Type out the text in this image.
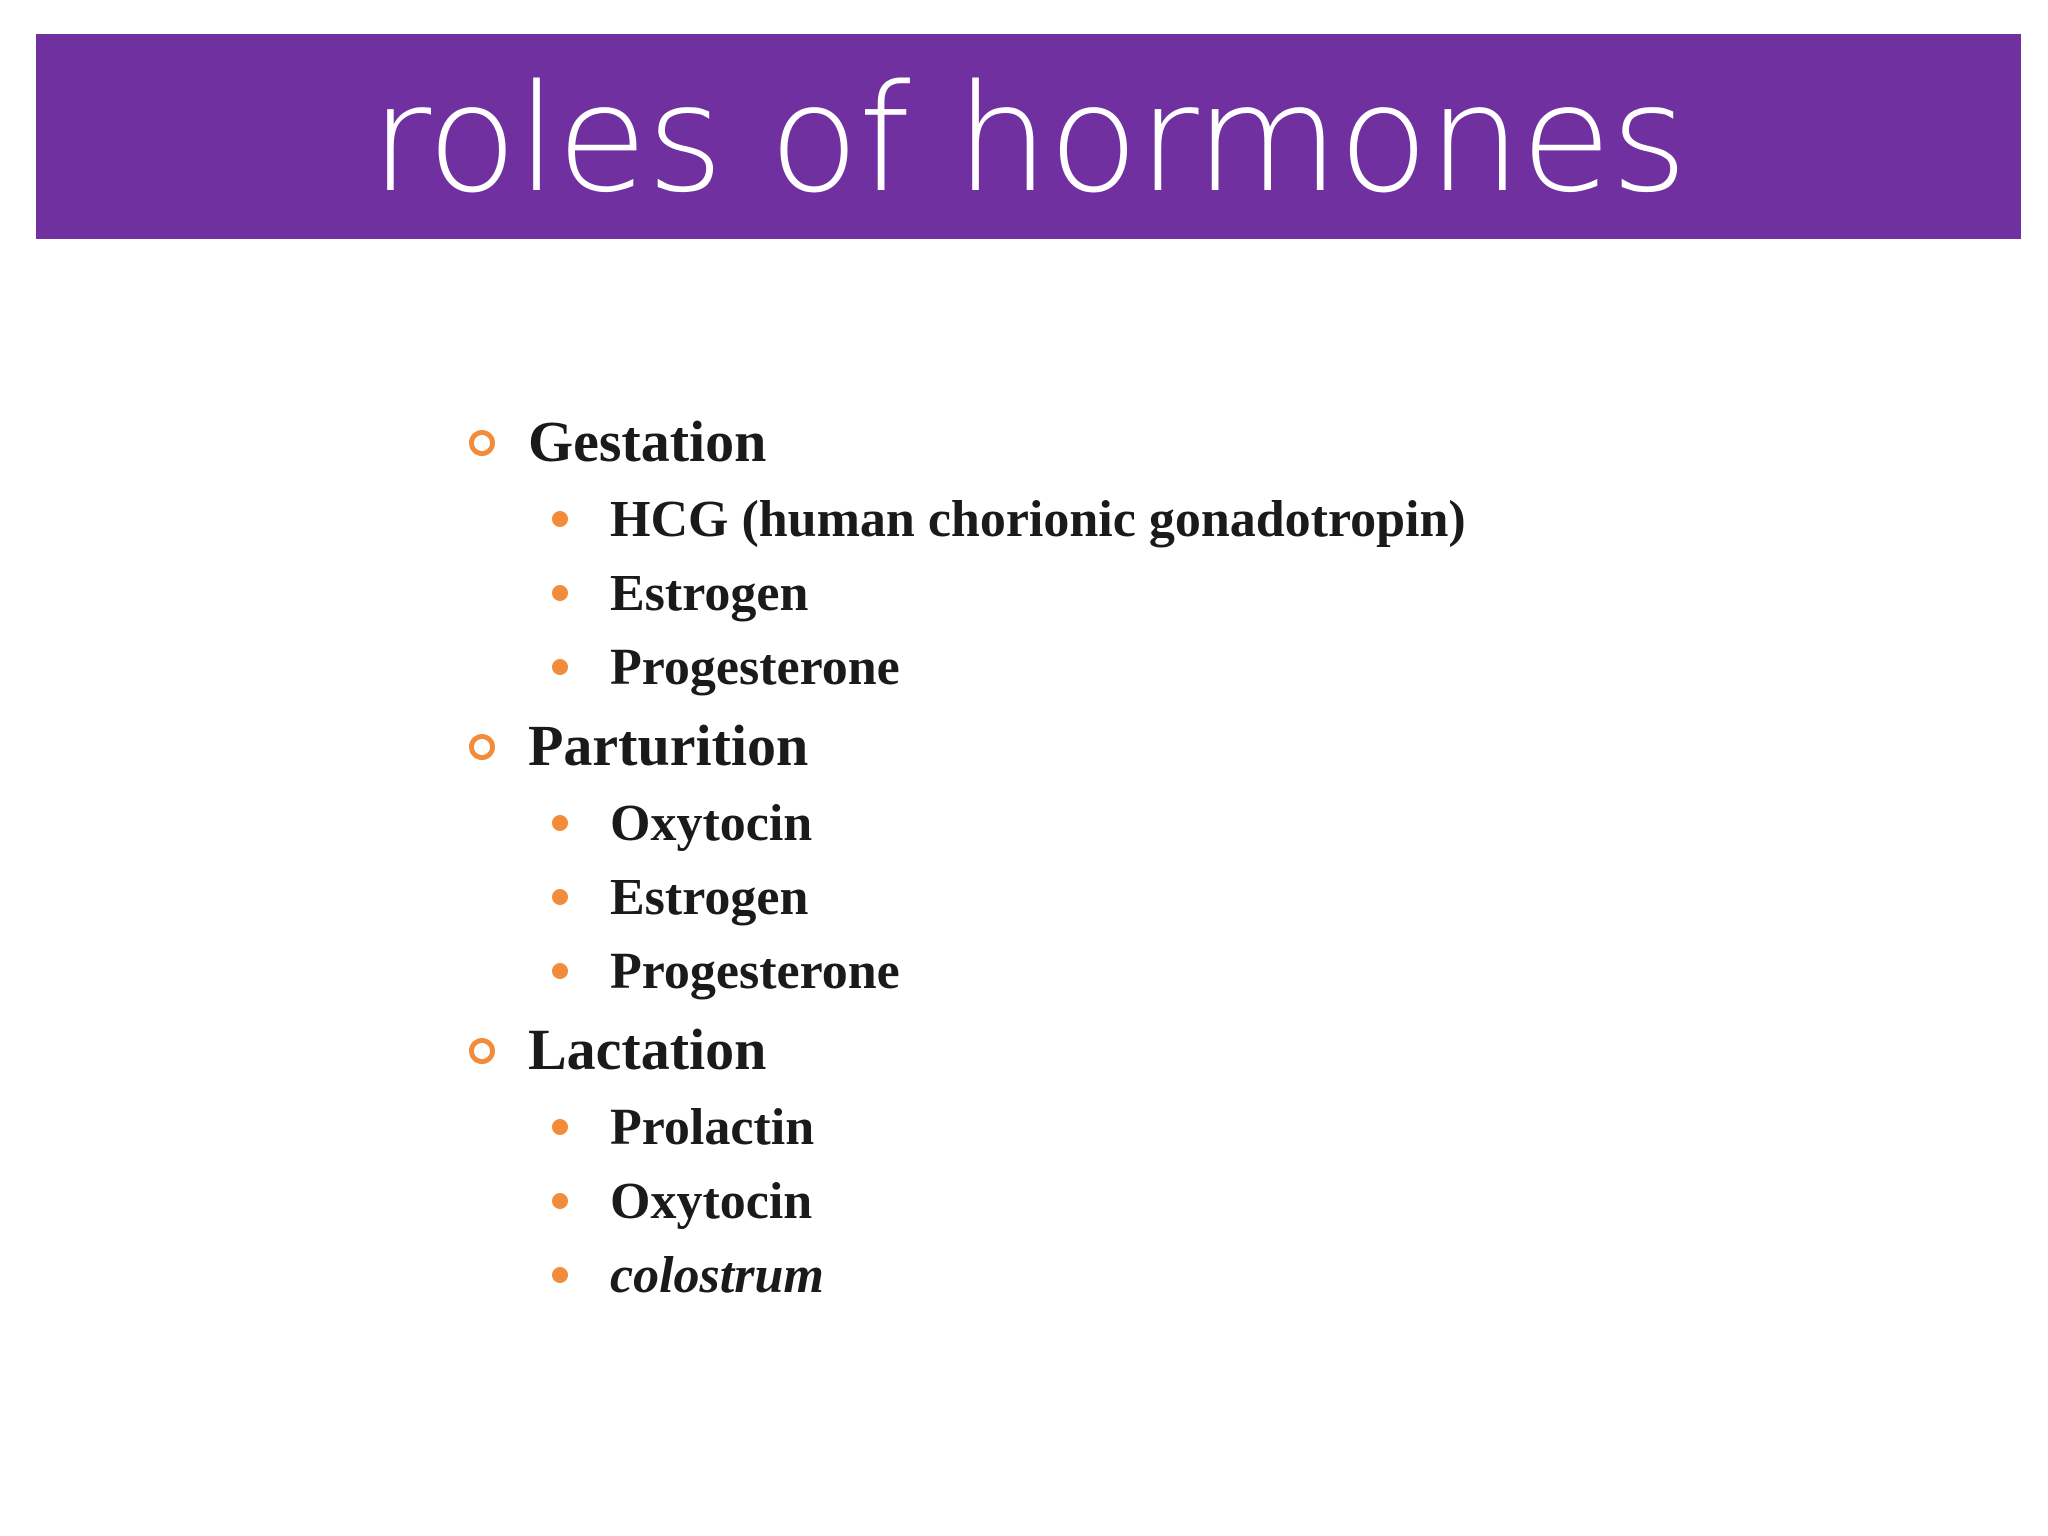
roles of hormones
Gestation
HCG (human chorionic gonadotropin)
Estrogen
Progesterone
Parturition
Oxytocin
Estrogen
Progesterone
Lactation
Prolactin
Oxytocin
colostrum
